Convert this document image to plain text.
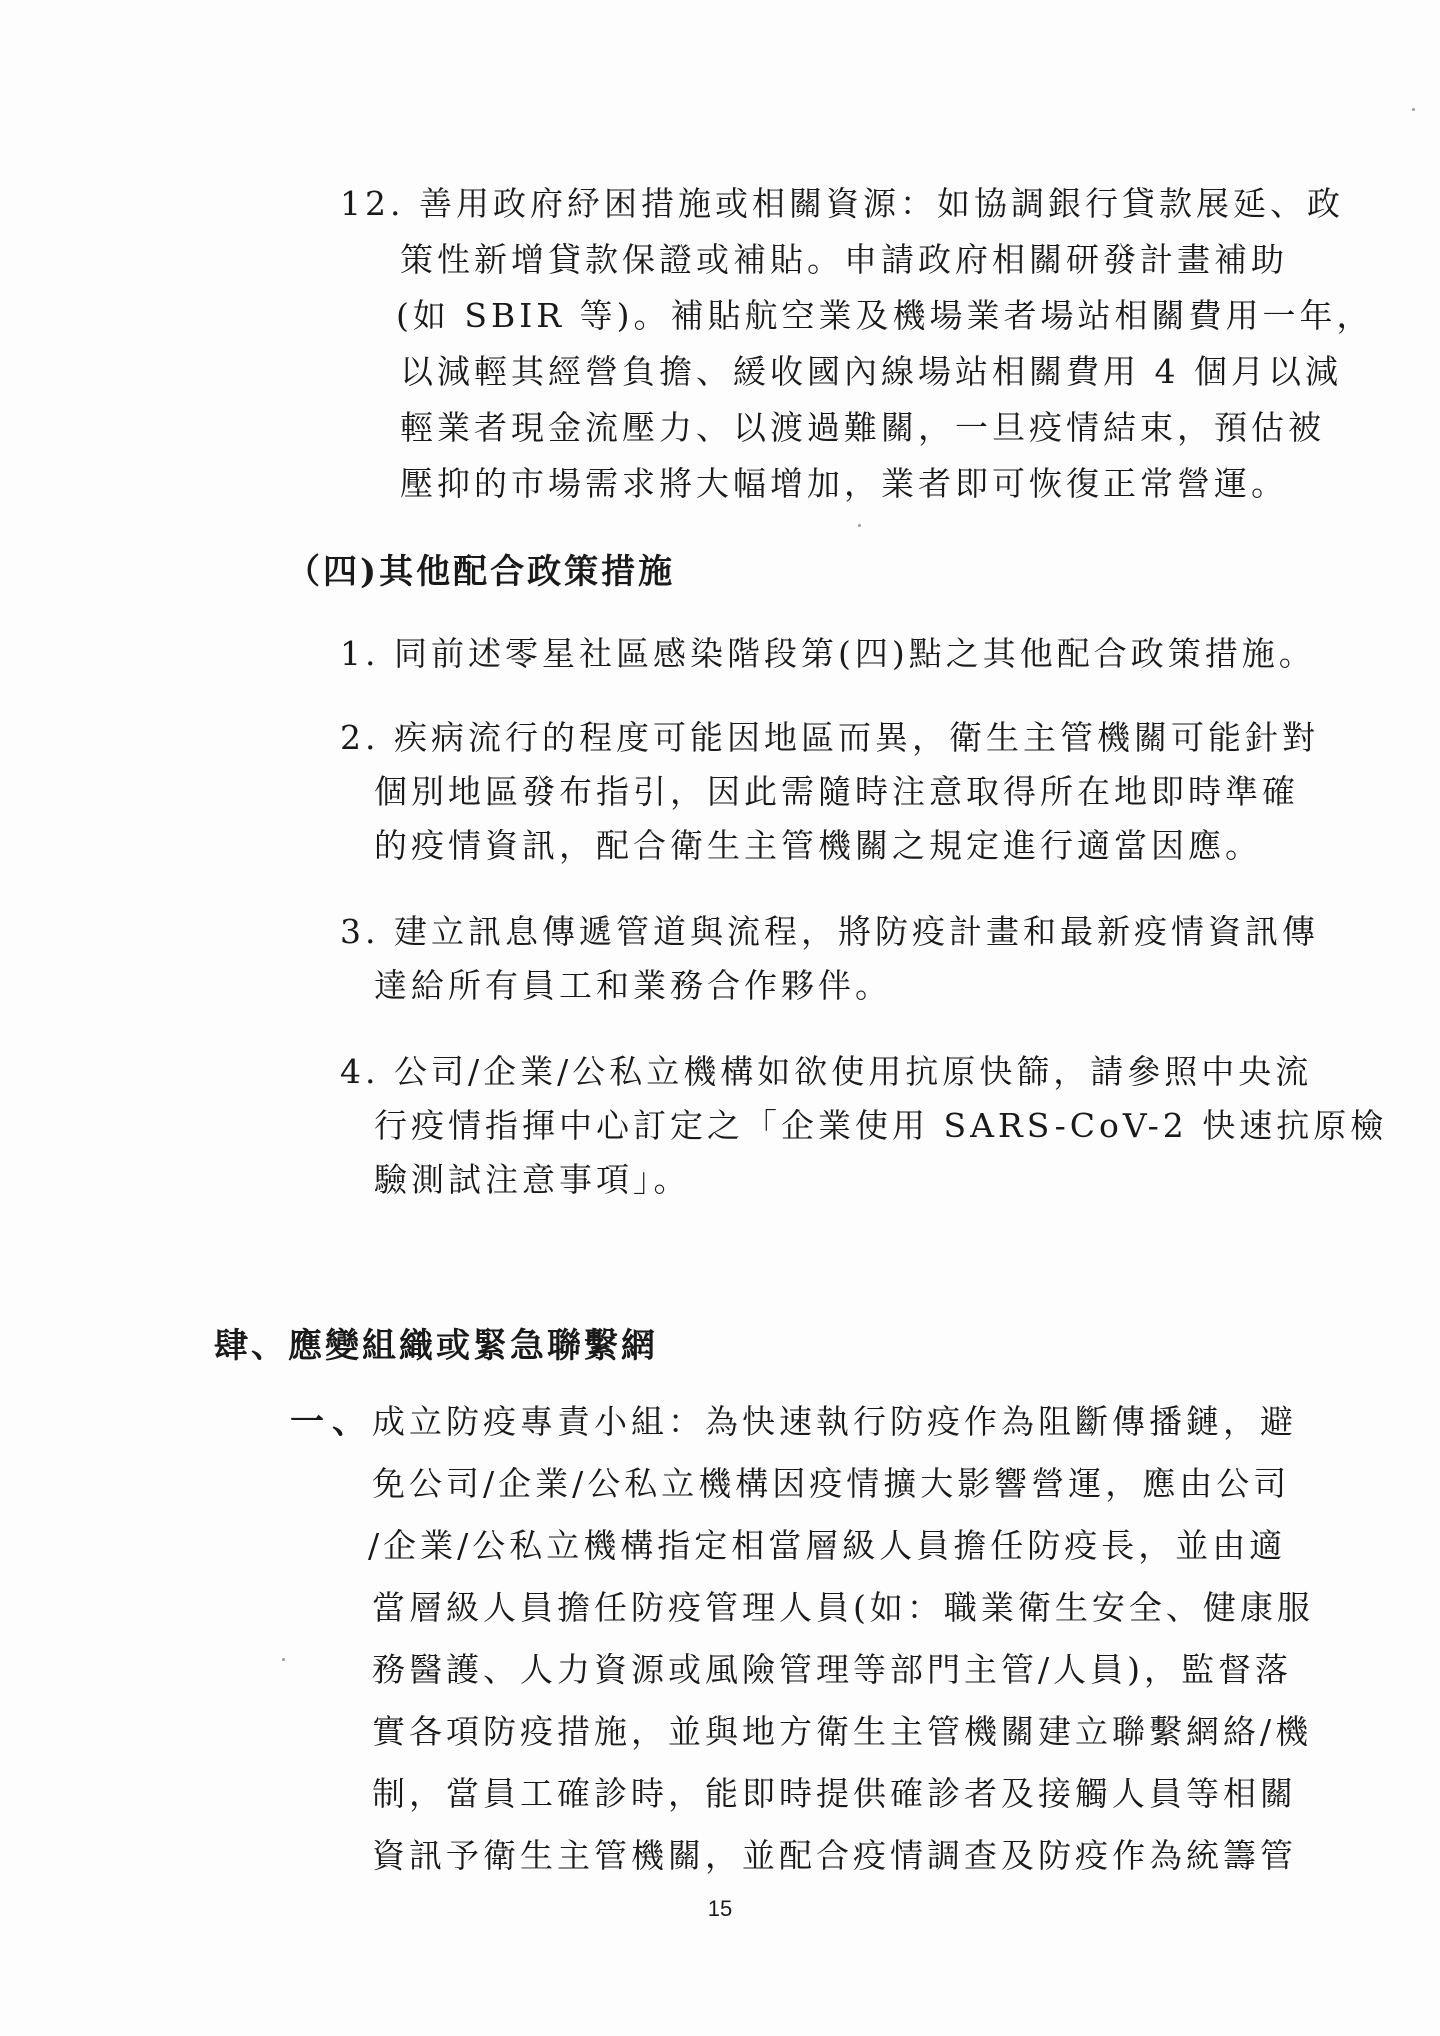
12. 善用政府紓困措施或相關資源：如協調銀行貸款展延、政
策性新增貸款保證或補貼。申請政府相關研發計畫補助
(如 SBIR 等)。補貼航空業及機場業者場站相關費用一年，
以減輕其經營負擔、緩收國內線場站相關費用 4 個月以減
輕業者現金流壓力、以渡過難關，一旦疫情結束，預估被
壓抑的市場需求將大幅增加，業者即可恢復正常營運。
（四)其他配合政策措施
1. 同前述零星社區感染階段第(四)點之其他配合政策措施。
2. 疾病流行的程度可能因地區而異，衛生主管機關可能針對
個別地區發布指引，因此需隨時注意取得所在地即時準確
的疫情資訊，配合衛生主管機關之規定進行適當因應。
3. 建立訊息傳遞管道與流程，將防疫計畫和最新疫情資訊傳
達給所有員工和業務合作夥伴。
4. 公司/企業/公私立機構如欲使用抗原快篩，請參照中央流
行疫情指揮中心訂定之「企業使用 SARS-CoV-2 快速抗原檢
驗測試注意事項」。
肆、應變組織或緊急聯繫網
一、
成立防疫專責小組：為快速執行防疫作為阻斷傳播鏈，避
免公司/企業/公私立機構因疫情擴大影響營運，應由公司
/企業/公私立機構指定相當層級人員擔任防疫長，並由適
當層級人員擔任防疫管理人員(如：職業衛生安全、健康服
務醫護、人力資源或風險管理等部門主管/人員)，監督落
實各項防疫措施，並與地方衛生主管機關建立聯繫網絡/機
制，當員工確診時，能即時提供確診者及接觸人員等相關
資訊予衛生主管機關，並配合疫情調查及防疫作為統籌管
15
